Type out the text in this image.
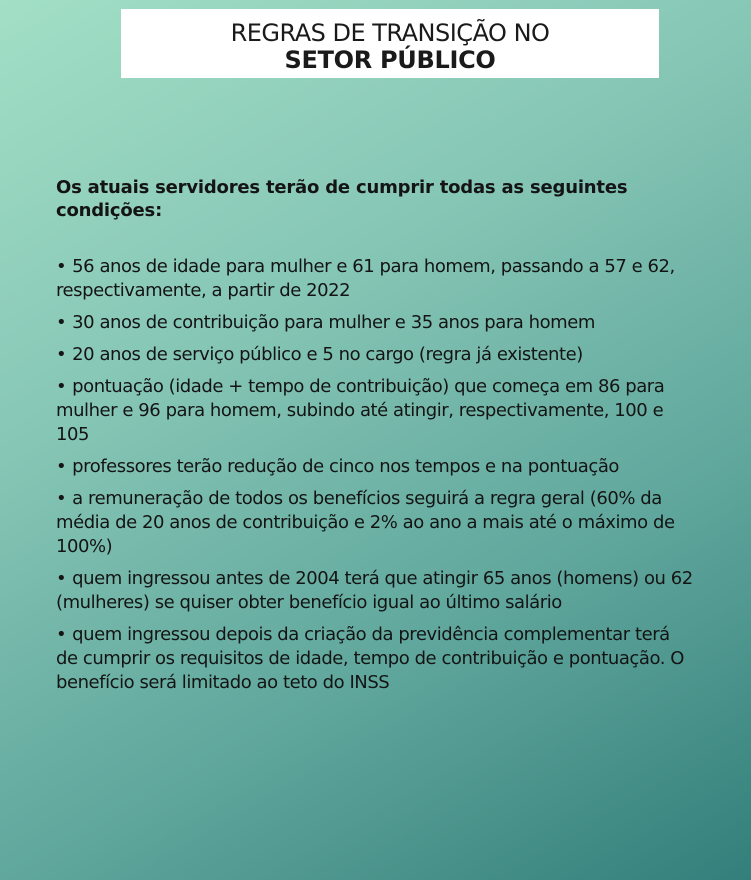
REGRAS DE TRANSIÇÃO NO
SETOR PÚBLICO

Os atuais servidores terão de cumprir todas as seguintes condições:

• 56 anos de idade para mulher e 61 para homem, passando a 57 e 62, respectivamente, a partir de 2022
• 30 anos de contribuição para mulher e 35 anos para homem
• 20 anos de serviço público e 5 no cargo (regra já existente)
• pontuação (idade + tempo de contribuição) que começa em 86 para mulher e 96 para homem, subindo até atingir, respectivamente, 100 e 105
• professores terão redução de cinco nos tempos e na pontuação
• a remuneração de todos os benefícios seguirá a regra geral (60% da média de 20 anos de contribuição e 2% ao ano a mais até o máximo de 100%)
• quem ingressou antes de 2004 terá que atingir 65 anos (homens) ou 62 (mulheres) se quiser obter benefício igual ao último salário
• quem ingressou depois da criação da previdência complementar terá de cumprir os requisitos de idade, tempo de contribuição e pontuação. O benefício será limitado ao teto do INSS
